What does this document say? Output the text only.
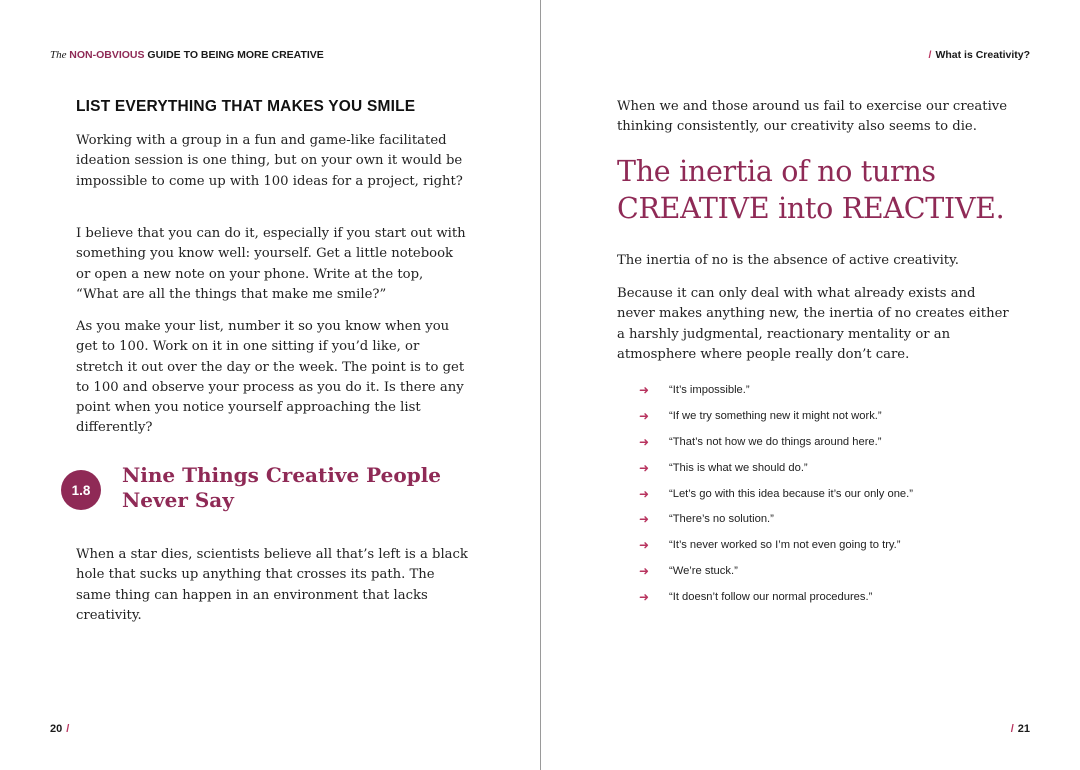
The NON-OBVIOUS GUIDE TO BEING MORE CREATIVE
LIST EVERYTHING THAT MAKES YOU SMILE

Working with a group in a fun and game-like facilitated ideation session is one thing, but on your own it would be impossible to come up with 100 ideas for a project, right?

I believe that you can do it, especially if you start out with something you know well: yourself. Get a little notebook or open a new note on your phone. Write at the top, “What are all the things that make me smile?”

As you make your list, number it so you know when you get to 100. Work on it in one sitting if you’d like, or stretch it out over the day or the week. The point is to get to 100 and observe your process as you do it. Is there any point when you notice yourself approaching the list differently?

1.8
Nine Things Creative People Never Say

When a star dies, scientists believe all that’s left is a black hole that sucks up anything that crosses its path. The same thing can happen in an environment that lacks creativity.

20 /
/ What is Creativity?

When we and those around us fail to exercise our creative thinking consistently, our creativity also seems to die.

The inertia of no turns CREATIVE into REACTIVE.

The inertia of no is the absence of active creativity.

Because it can only deal with what already exists and never makes anything new, the inertia of no creates either a harshly judgmental, reactionary mentality or an atmosphere where people really don’t care.

➜	“It’s impossible.”
➜	“If we try something new it might not work.”
➜	“That’s not how we do things around here.”
➜	“This is what we should do.”
➜	“Let’s go with this idea because it’s our only one.”
➜	“There’s no solution.”
➜	“It’s never worked so I’m not even going to try.”
➜	“We’re stuck.”
➜	“It doesn’t follow our normal procedures.”
/ 21
